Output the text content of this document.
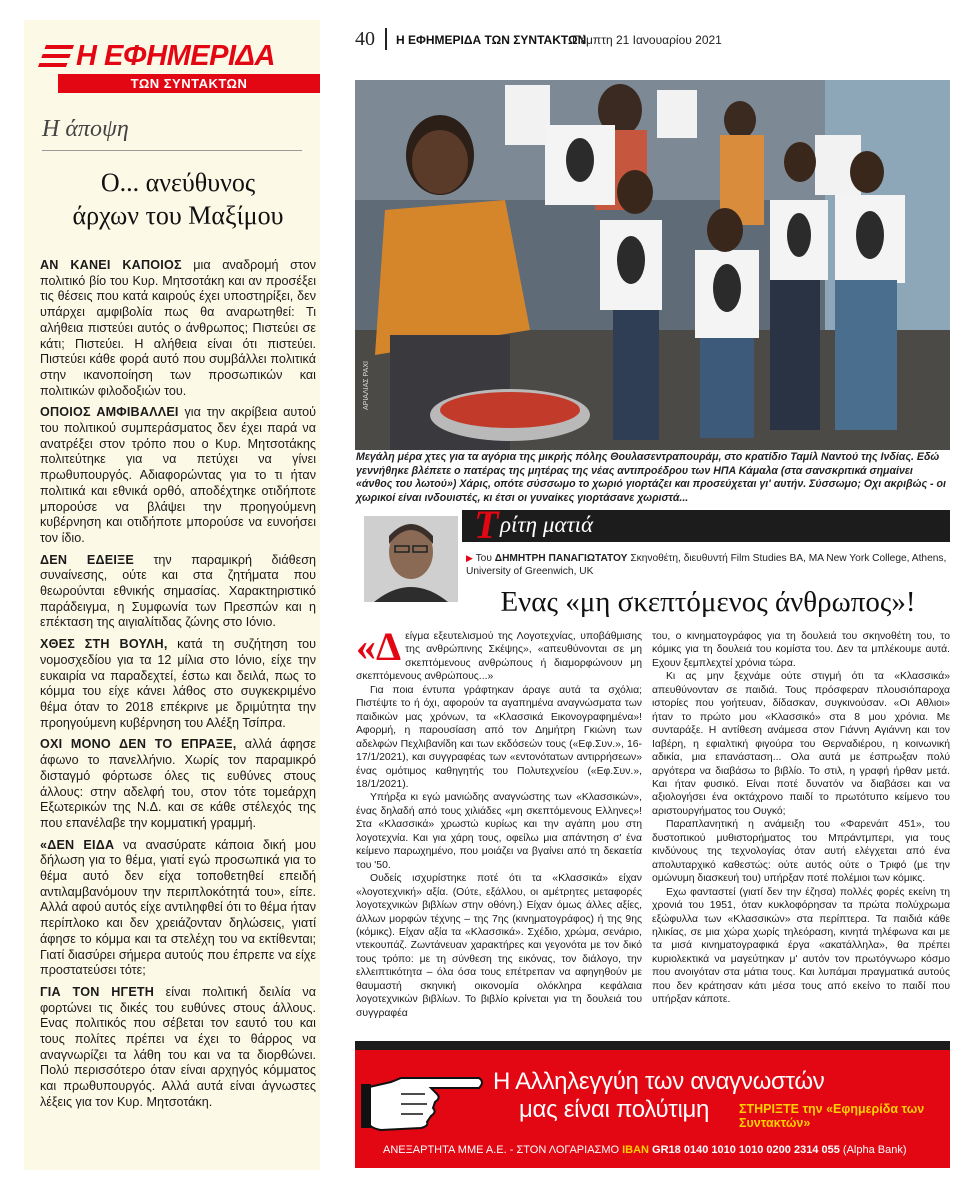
Η ΕΦΗΜΕΡΙΔΑ
ΤΩΝ ΣΥΝΤΑΚΤΩΝ
Η άποψη
Ο... ανεύθυνος
άρχων του Μαξίμου

ΑΝ ΚΑΝΕΙ ΚΑΠΟΙΟΣ μια αναδρομή στον πολιτικό βίο του Κυρ. Μητσοτάκη και αν προσέξει τις θέσεις που κατά καιρούς έχει υποστηρίξει, δεν υπάρχει αμφιβολία πως θα αναρωτηθεί: Τι αλήθεια πιστεύει αυτός ο άνθρωπος; Πιστεύει σε κάτι; Πιστεύει. Η αλήθεια είναι ότι πιστεύει. Πιστεύει κάθε φορά αυτό που συμβάλλει πολιτικά στην ικανοποίηση των προσωπικών και πολιτικών φιλοδοξιών του.

ΟΠΟΙΟΣ ΑΜΦΙΒΑΛΛΕΙ για την ακρίβεια αυτού του πολιτικού συμπεράσματος δεν έχει παρά να ανατρέξει στον τρόπο που ο Κυρ. Μητσοτάκης πολιτεύτηκε για να πετύχει να γίνει πρωθυπουργός. Αδιαφορώντας για το τι ήταν πολιτικά και εθνικά ορθό, αποδέχτηκε οτιδήποτε μπορούσε να βλάψει την προηγούμενη κυβέρνηση και οτιδήποτε μπορούσε να ευνοήσει τον ίδιο.

ΔΕΝ ΕΔΕΙΞΕ την παραμικρή διάθεση συναίνεσης, ούτε και στα ζητήματα που θεωρούνται εθνικής σημασίας. Χαρακτηριστικό παράδειγμα, η Συμφωνία των Πρεσπών και η επέκταση της αιγιαλίτιδας ζώνης στο Ιόνιο.

ΧΘΕΣ ΣΤΗ ΒΟΥΛΗ, κατά τη συζήτηση του νομοσχεδίου για τα 12 μίλια στο Ιόνιο, είχε την ευκαιρία να παραδεχτεί, έστω και δειλά, πως το κόμμα του είχε κάνει λάθος στο συγκεκριμένο θέμα όταν το 2018 επέκρινε με δριμύτητα την προηγούμενη κυβέρνηση του Αλέξη Τσίπρα.

ΟΧΙ ΜΟΝΟ ΔΕΝ ΤΟ ΕΠΡΑΞΕ, αλλά άφησε άφωνο το πανελλήνιο. Χωρίς τον παραμικρό δισταγμό φόρτωσε όλες τις ευθύνες στους άλλους: στην αδελφή του, στον τότε τομεάρχη Εξωτερικών της Ν.Δ. και σε κάθε στέλεχός της που επανέλαβε την κομματική γραμμή.

«ΔΕΝ ΕΙΔΑ να ανασύρατε κάποια δική μου δήλωση για το θέμα, γιατί εγώ προσωπικά για το θέμα αυτό δεν είχα τοποθετηθεί επειδή αντιλαμβανόμουν την περιπλοκότητά του», είπε. Αλλά αφού αυτός είχε αντιληφθεί ότι το θέμα ήταν περίπλοκο και δεν χρειάζονταν δηλώσεις, γιατί άφησε το κόμμα και τα στελέχη του να εκτίθενται; Γιατί διασύρει σήμερα αυτούς που έπρεπε να είχε προστατεύσει τότε;

ΓΙΑ ΤΟΝ ΗΓΕΤΗ είναι πολιτική δειλία να φορτώνει τις δικές του ευθύνες στους άλλους. Ενας πολιτικός που σέβεται τον εαυτό του και τους πολίτες πρέπει να έχει το θάρρος να αναγνωρίζει τα λάθη του και να τα διορθώνει. Πολύ περισσότερο όταν είναι αρχηγός κόμματος και πρωθυπουργός. Αλλά αυτά είναι άγνωστες λέξεις για τον Κυρ. Μητσοτάκη.

40 Η ΕΦΗΜΕΡΙΔΑ ΤΩΝ ΣΥΝΤΑΚΤΩΝ
Πέμπτη 21 Ιανουαρίου 2021
ΑΡΙΑΛΙΑΣ ΡΑΧΙ
Μεγάλη μέρα χτες για τα αγόρια της μικρής πόλης Θουλασεντραπουράμ, στο κρατίδιο Ταμίλ Ναντού της Ινδίας. Εδώ γεννήθηκε βλέπετε ο πατέρας της μητέρας της νέας αντιπροέδρου των ΗΠΑ Κάμαλα (στα σανσκριτικά σημαίνει «άνθος του λωτού») Χάρις, οπότε σύσσωμο το χωριό γιορτάζει και προσεύχεται γι' αυτήν. Σύσσωμο; Οχι ακριβώς - οι χωρικοί είναι ινδουιστές, κι έτσι οι γυναίκες γιορτάσανε χωριστά...
Τ ρίτη ματιά
▶ Του ΔΗΜΗΤΡΗ ΠΑΝΑΓΙΩΤΑΤΟΥ Σκηνοθέτη, διευθυντή Film Studies BA, MA New York College, Athens, University of Greenwich, UK
Ενας «μη σκεπτόμενος άνθρωπος»!

«Δείγμα εξευτελισμού της Λογοτεχνίας, υποβάθμισης της ανθρώπινης Σκέψης», «απευθύνονται σε μη σκεπτόμενους ανθρώπους ή διαμορφώνουν μη σκεπτόμενους ανθρώπους...»

Για ποια έντυπα γράφτηκαν άραγε αυτά τα σχόλια; Πιστέψτε το ή όχι, αφορούν τα αγαπημένα αναγνώσματα των παιδικών μας χρόνων, τα «Κλασσικά Εικονογραφημένα»! Αφορμή, η παρουσίαση από τον Δημήτρη Γκιώνη των αδελφών Πεχλιβανίδη και των εκδόσεών τους («Εφ.Συν.», 16-17/1/2021), και συγγραφέας των «εντονότατων αντιρρήσεων» ένας ομότιμος καθηγητής του Πολυτεχνείου («Εφ.Συν.», 18/1/2021).

Υπήρξα κι εγώ μανιώδης αναγνώστης των «Κλασσικών», ένας δηλαδή από τους χιλιάδες «μη σκεπτόμενους Ελληνες»! Στα «Κλασσικά» χρωστώ κυρίως και την αγάπη μου στη λογοτεχνία. Και για χάρη τους, οφείλω μια απάντηση σ' ένα κείμενο παρωχημένο, που μοιάζει να βγαίνει από τη δεκαετία του '50.

Ουδείς ισχυρίστηκε ποτέ ότι τα «Κλασσικά» είχαν «λογοτεχνική» αξία. (Ούτε, εξάλλου, οι αμέτρητες μεταφορές λογοτεχνικών βιβλίων στην οθόνη.) Είχαν όμως άλλες αξίες, άλλων μορφών τέχνης – της 7ης (κινηματογράφος) ή της 9ης (κόμικς). Είχαν αξία τα «Κλασσικά». Σχέδιο, χρώμα, σενάριο, ντεκουπάζ. Ζωντάνευαν χαρακτήρες και γεγονότα με τον δικό τους τρόπο: με τη σύνθεση της εικόνας, τον διάλογο, την ελλειπτικότητα – όλα όσα τους επέτρεπαν να αφηγηθούν με θαυμαστή σκηνική οικονομία ολόκληρα κεφάλαια λογοτεχνικών βιβλίων. Το βιβλίο κρίνεται για τη δουλειά του συγγραφέα

του, ο κινηματογράφος για τη δουλειά του σκηνοθέτη του, το κόμικς για τη δουλειά του κομίστα του. Δεν τα μπλέκουμε αυτά. Εχουν ξεμπλεχτεί χρόνια τώρα.

Κι ας μην ξεχνάμε ούτε στιγμή ότι τα «Κλασσικά» απευθύνονταν σε παιδιά. Τους πρόσφεραν πλουσιόπαροχα ιστορίες που γοήτευαν, δίδασκαν, συγκινούσαν. «Οι Αθλιοι» ήταν το πρώτο μου «Κλασσικό» στα 8 μου χρόνια. Με συνταράξε. Η αντίθεση ανάμεσα στον Γιάννη Αγιάννη και τον Ιαβέρη, η εφιαλτική φιγούρα του Θερναδιέρου, η κοινωνική αδικία, μια επανάσταση... Ολα αυτά με έσπρωξαν πολύ αργότερα να διαβάσω το βιβλίο. Το στιλ, η γραφή ήρθαν μετά. Και ήταν φυσικό. Είναι ποτέ δυνατόν να διαβάσει και να αξιολογήσει ένα οκτάχρονο παιδί το πρωτότυπο κείμενο του αριστουργήματος του Ουγκό;

Παραπλανητική η ανάμειξη του «Φαρενάιτ 451», του δυστοπικού μυθιστορήματος του Μπράντμπερι, για τους κινδύνους της τεχνολογίας όταν αυτή ελέγχεται από ένα απολυταρχικό καθεστώς: ούτε αυτός ούτε ο Τριφό (με την ομώνυμη διασκευή του) υπήρξαν ποτέ πολέμιοι των κόμικς.

Εχω φανταστεί (γιατί δεν την έζησα) πολλές φορές εκείνη τη χρονιά του 1951, όταν κυκλοφόρησαν τα πρώτα πολύχρωμα εξώφυλλα των «Κλασσικών» στα περίπτερα. Τα παιδιά κάθε ηλικίας, σε μια χώρα χωρίς τηλεόραση, κινητά τηλέφωνα και με τα μισά κινηματογραφικά έργα «ακατάλληλα», θα πρέπει κυριολεκτικά να μαγεύτηκαν μ' αυτόν τον πρωτόγνωρο κόσμο που ανοιγόταν στα μάτια τους. Και λυπάμαι πραγματικά αυτούς που δεν κράτησαν κάτι μέσα τους από εκείνο το παιδί που υπήρξαν κάποτε.

Η Αλληλεγγύη των αναγνωστών
μας είναι πολύτιμη ΣΤΗΡΙΞΤΕ την «Εφημερίδα των Συντακτών»
ΑΝΕΞΑΡΤΗΤΑ ΜΜΕ Α.Ε. - ΣΤΟΝ ΛΟΓΑΡΙΑΣΜΟ IBAN GR18 0140 1010 1010 0200 2314 055 (Alpha Bank)
